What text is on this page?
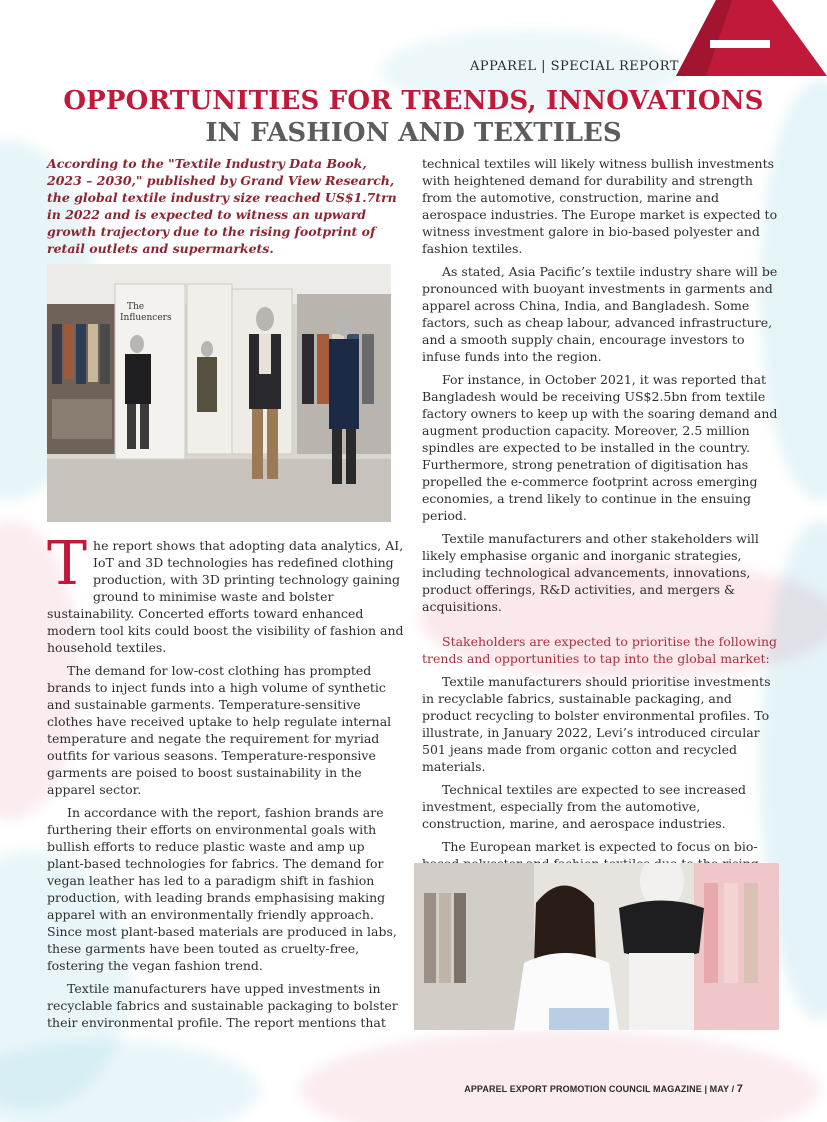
APPAREL | SPECIAL REPORT
OPPORTUNITIES FOR TRENDS, INNOVATIONS
IN FASHION AND TEXTILES
According to the "Textile Industry Data Book, 2023 – 2030," published by Grand View Research, the global textile industry size reached US$1.7trn in 2022 and is expected to witness an upward growth trajectory due to the rising footprint of retail outlets and supermarkets.
The
Influencers

The report shows that adopting data analytics, AI, IoT and 3D technologies has redefined clothing production, with 3D printing technology gaining ground to minimise waste and bolster sustainability. Concerted efforts toward enhanced modern tool kits could boost the visibility of fashion and household textiles.

The demand for low-cost clothing has prompted brands to inject funds into a high volume of synthetic and sustainable garments. Temperature-sensitive clothes have received uptake to help regulate internal temperature and negate the requirement for myriad outfits for various seasons. Temperature-responsive garments are poised to boost sustainability in the apparel sector.

In accordance with the report, fashion brands are furthering their efforts on environmental goals with bullish efforts to reduce plastic waste and amp up plant-based technologies for fabrics. The demand for vegan leather has led to a paradigm shift in fashion production, with leading brands emphasising making apparel with an environmentally friendly approach. Since most plant-based materials are produced in labs, these garments have been touted as cruelty-free, fostering the vegan fashion trend.

Textile manufacturers have upped investments in recyclable fabrics and sustainable packaging to bolster their environmental profile. The report mentions that

technical textiles will likely witness bullish investments with heightened demand for durability and strength from the automotive, construction, marine and aerospace industries. The Europe market is expected to witness investment galore in bio-based polyester and fashion textiles.

As stated, Asia Pacific’s textile industry share will be pronounced with buoyant investments in garments and apparel across China, India, and Bangladesh. Some factors, such as cheap labour, advanced infrastructure, and a smooth supply chain, encourage investors to infuse funds into the region.

For instance, in October 2021, it was reported that Bangladesh would be receiving US$2.5bn from textile factory owners to keep up with the soaring demand and augment production capacity. Moreover, 2.5 million spindles are expected to be installed in the country. Furthermore, strong penetration of digitisation has propelled the e-commerce footprint across emerging economies, a trend likely to continue in the ensuing period.

Textile manufacturers and other stakeholders will likely emphasise organic and inorganic strategies, including technological advancements, innovations, product offerings, R&D activities, and mergers & acquisitions.

Stakeholders are expected to prioritise the following trends and opportunities to tap into the global market:

Textile manufacturers should prioritise investments in recyclable fabrics, sustainable packaging, and product recycling to bolster environmental profiles. To illustrate, in January 2022, Levi’s introduced circular 501 jeans made from organic cotton and recycled materials.

Technical textiles are expected to see increased investment, especially from the automotive, construction, marine, and aerospace industries.

The European market is expected to focus on bio-

APPAREL EXPORT PROMOTION COUNCIL MAGAZINE | MAY / 7
